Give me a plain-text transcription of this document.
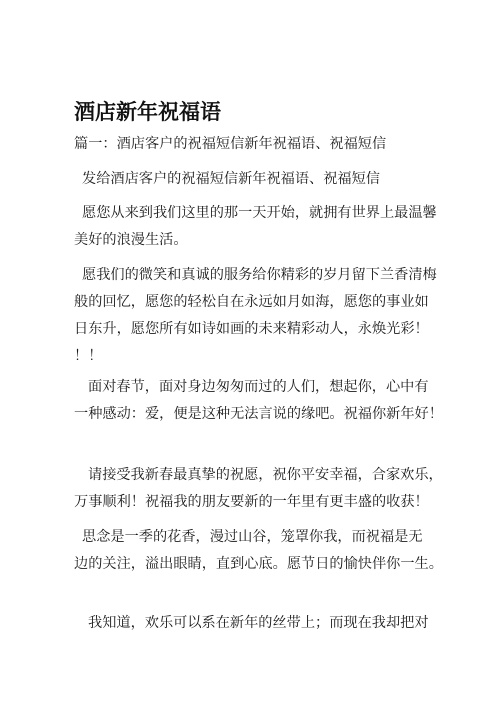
酒店新年祝福语
篇一：酒店客户的祝福短信新年祝福语、祝福短信
发给酒店客户的祝福短信新年祝福语、祝福短信
愿您从来到我们这里的那一天开始，就拥有世界上最温馨
美好的浪漫生活。
愿我们的微笑和真诚的服务给你精彩的岁月留下兰香清梅
般的回忆，愿您的轻松自在永远如月如海，愿您的事业如
日东升，愿您所有如诗如画的未来精彩动人，永焕光彩！
！！
面对春节，面对身边匆匆而过的人们，想起你，心中有
一种感动：爱，便是这种无法言说的缘吧。祝福你新年好！
请接受我新春最真挚的祝愿，祝你平安幸福，合家欢乐，
万事顺利！祝福我的朋友要新的一年里有更丰盛的收获！
思念是一季的花香，漫过山谷，笼罩你我，而祝福是无
边的关注，溢出眼睛，直到心底。愿节日的愉快伴你一生。
我知道，欢乐可以系在新年的丝带上；而现在我却把对
